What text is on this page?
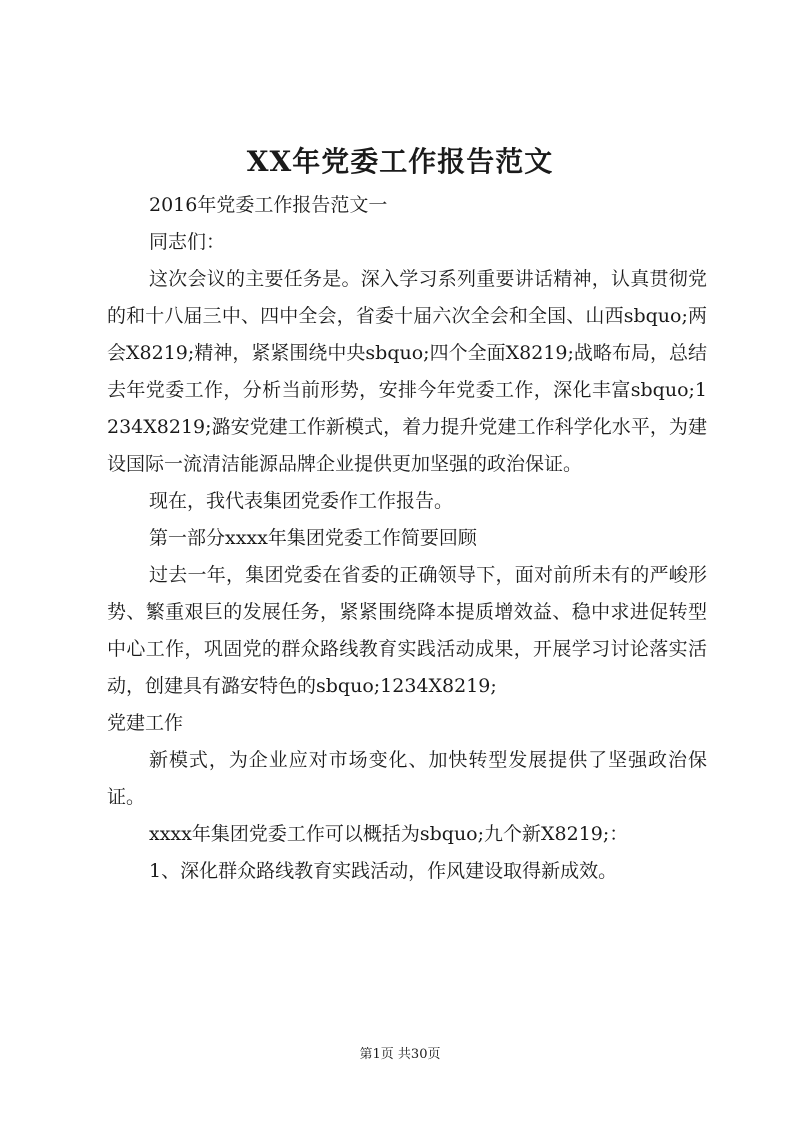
XX年党委工作报告范文

2016年党委工作报告范文一

同志们：

这次会议的主要任务是。深入学习系列重要讲话精神，认真贯彻党的和十八届三中、四中全会，省委十届六次全会和全国、山西sbquo;两会X8219;精神，紧紧围绕中央sbquo;四个全面X8219;战略布局，总结去年党委工作，分析当前形势，安排今年党委工作，深化丰富sbquo;1234X8219;潞安党建工作新模式，着力提升党建工作科学化水平，为建设国际一流清洁能源品牌企业提供更加坚强的政治保证。

现在，我代表集团党委作工作报告。

第一部分xxxx年集团党委工作简要回顾

过去一年，集团党委在省委的正确领导下，面对前所未有的严峻形势、繁重艰巨的发展任务，紧紧围绕降本提质增效益、稳中求进促转型中心工作，巩固党的群众路线教育实践活动成果，开展学习讨论落实活动，创建具有潞安特色的sbquo;1234X8219;

党建工作

新模式，为企业应对市场变化、加快转型发展提供了坚强政治保证。

xxxx年集团党委工作可以概括为sbquo;九个新X8219;：

1、深化群众路线教育实践活动，作风建设取得新成效。

第1页 共30页
